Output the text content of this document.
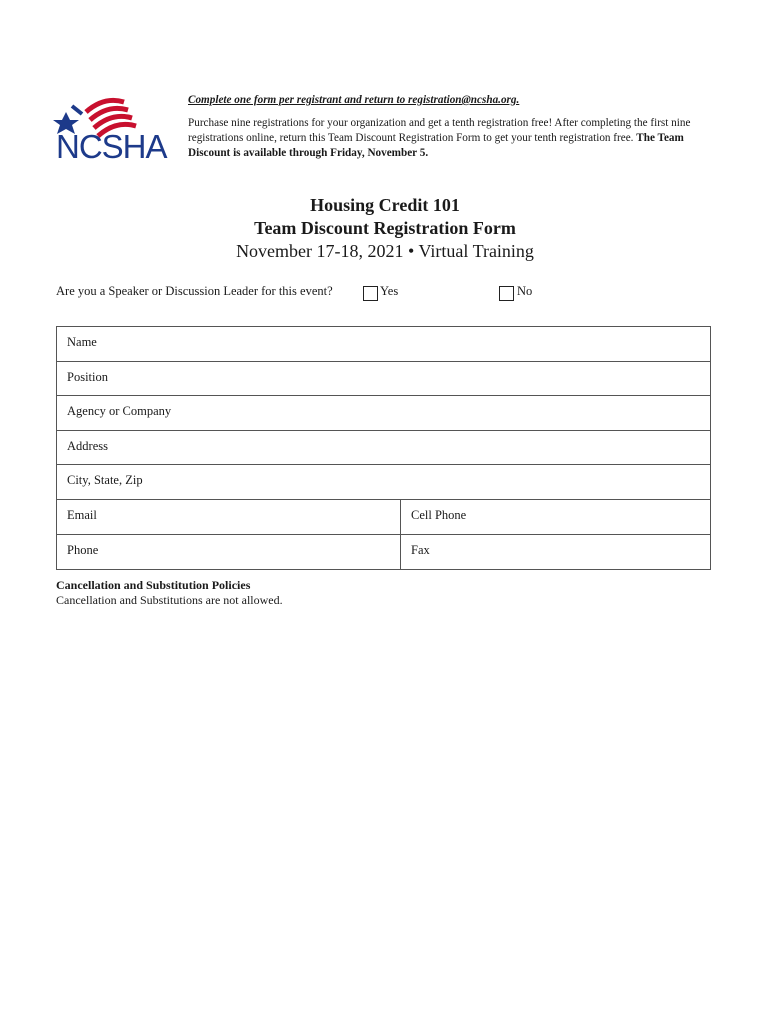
NCSHA
Complete one form per registrant and return to registration@ncsha.org.
Purchase nine registrations for your organization and get a tenth registration free! After completing the first nine registrations online, return this Team Discount Registration Form to get your tenth registration free. The Team Discount is available through Friday, November 5.
Housing Credit 101
Team Discount Registration Form
November 17-18, 2021 • Virtual Training
Are you a Speaker or Discussion Leader for this event?	Yes	No
Name
Position
Agency or Company
Address
City, State, Zip
Email	Cell Phone
Phone	Fax
Cancellation and Substitution Policies
Cancellation and Substitutions are not allowed.
